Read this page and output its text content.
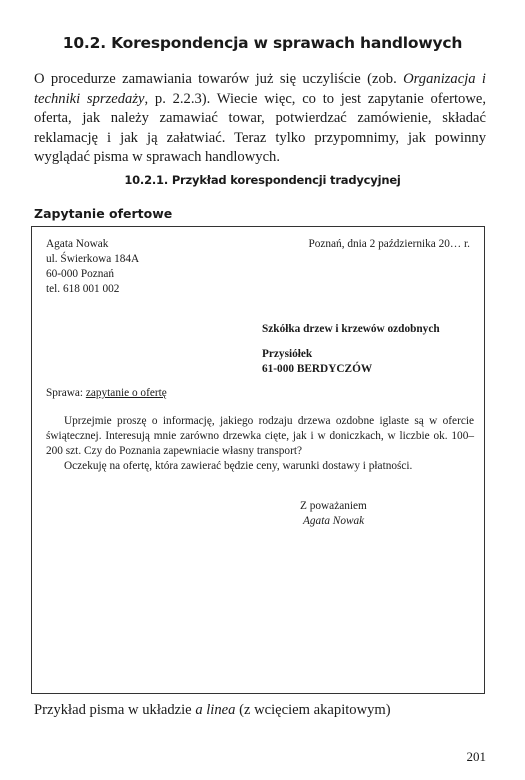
10.2. Korespondencja w sprawach handlowych

O procedurze zamawiania towarów już się uczyliście (zob. Organizacja i techniki sprzedaży, p. 2.2.3). Wiecie więc, co to jest zapytanie ofertowe, oferta, jak należy zamawiać towar, potwierdzać zamówienie, składać reklamację i jak ją załatwiać. Teraz tylko przypomnimy, jak powinny wyglądać pisma w sprawach handlowych.

10.2.1. Przykład korespondencji tradycyjnej
Zapytanie ofertowe
Agata Nowak
ul. Świerkowa 184A
60-000 Poznań
tel. 618 001 002
Poznań, dnia 2 października 20… r.
Szkółka drzew i krzewów ozdobnych
Przysiółek
61-000 BERDYCZÓW
Sprawa: zapytanie o ofertę

Uprzejmie proszę o informację, jakiego rodzaju drzewa ozdobne iglaste są w ofercie świątecznej. Interesują mnie zarówno drzewka cięte, jak i w doniczkach, w liczbie ok. 100–200 szt. Czy do Poznania zapewniacie własny transport?

Oczekuję na ofertę, która zawierać będzie ceny, warunki dostawy i płatności.

Z poważaniem
Agata Nowak
Przykład pisma w układzie a linea (z wcięciem akapitowym)
201
